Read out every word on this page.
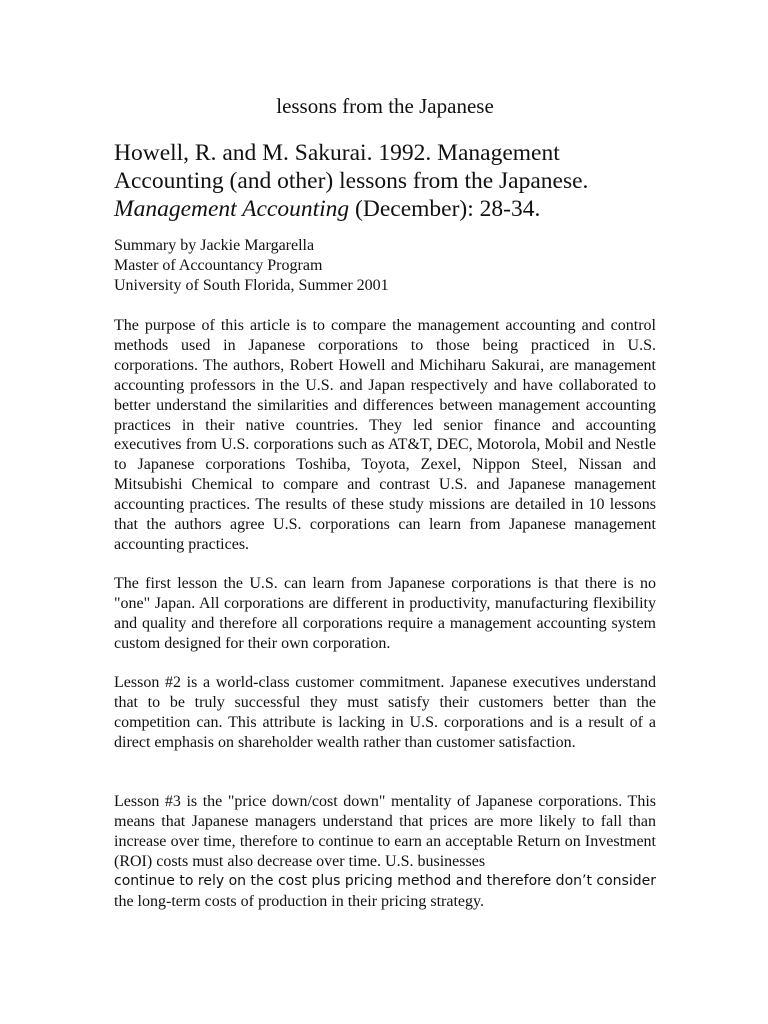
lessons from the Japanese
Howell, R. and M. Sakurai. 1992. Management Accounting (and other) lessons from the Japanese. Management Accounting (December): 28-34.
Summary by Jackie Margarella
Master of Accountancy Program
University of South Florida, Summer 2001

The purpose of this article is to compare the management accounting and control methods used in Japanese corporations to those being practiced in U.S. corporations. The authors, Robert Howell and Michiharu Sakurai, are management accounting professors in the U.S. and Japan respectively and have collaborated to better understand the similarities and differences between management accounting practices in their native countries. They led senior finance and accounting executives from U.S. corporations such as AT&T, DEC, Motorola, Mobil and Nestle to Japanese corporations Toshiba, Toyota, Zexel, Nippon Steel, Nissan and Mitsubishi Chemical to compare and contrast U.S. and Japanese management accounting practices. The results of these study missions are detailed in 10 lessons that the authors agree U.S. corporations can learn from Japanese management accounting practices.

The first lesson the U.S. can learn from Japanese corporations is that there is no "one" Japan. All corporations are different in productivity, manufacturing flexibility and quality and therefore all corporations require a management accounting system custom designed for their own corporation.

Lesson #2 is a world-class customer commitment. Japanese executives understand that to be truly successful they must satisfy their customers better than the competition can. This attribute is lacking in U.S. corporations and is a result of a direct emphasis on shareholder wealth rather than customer satisfaction.

Lesson #3 is the "price down/cost down" mentality of Japanese corporations. This means that Japanese managers understand that prices are more likely to fall than increase over time, therefore to continue to earn an acceptable Return on Investment (ROI) costs must also decrease over time. U.S. businesses

continue to rely on the cost plus pricing method and therefore don’t consider
the long-term costs of production in their pricing strategy.
